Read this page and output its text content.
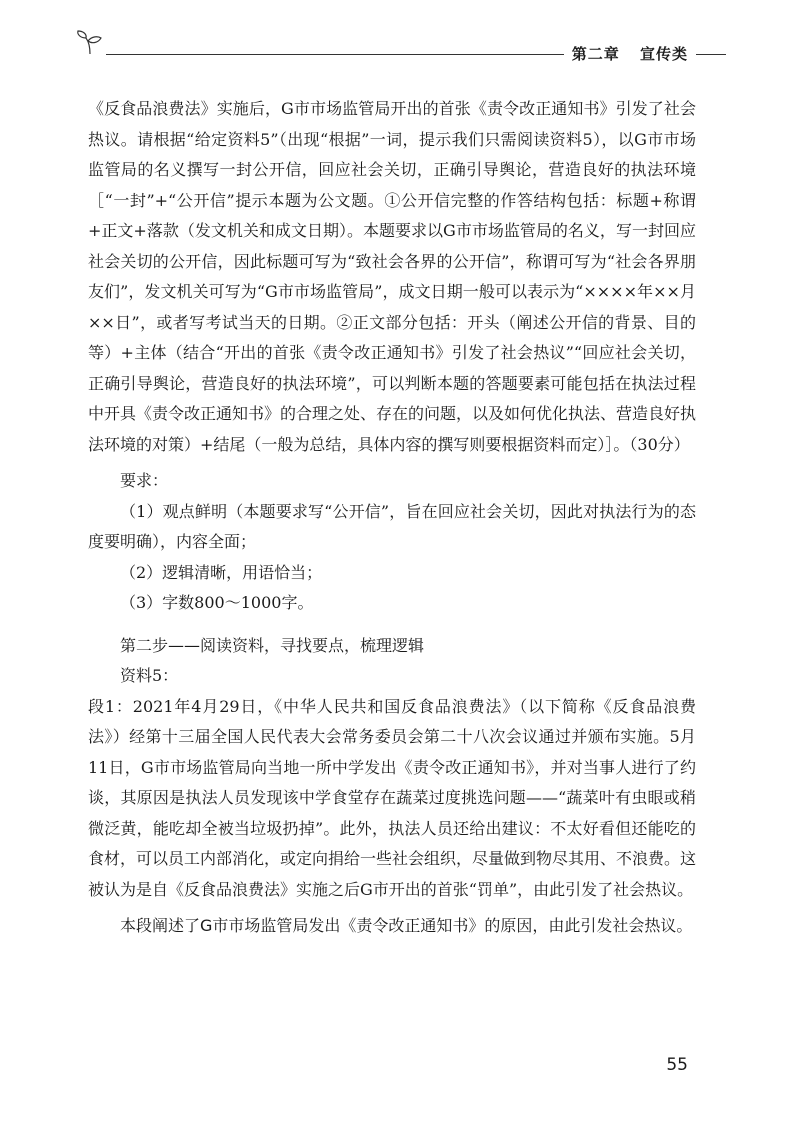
第二章 宣传类

《反食品浪费法》实施后，G市市场监管局开出的首张《责令改正通知书》引发了社会热议。请根据“给定资料5”（出现“根据”一词，提示我们只需阅读资料5），以G市市场监管局的名义撰写一封公开信，回应社会关切，正确引导舆论，营造良好的执法环境［“一封”+“公开信”提示本题为公文题。①公开信完整的作答结构包括：标题+称谓+正文+落款（发文机关和成文日期）。本题要求以G市市场监管局的名义，写一封回应社会关切的公开信，因此标题可写为“致社会各界的公开信”，称谓可写为“社会各界朋友们”，发文机关可写为“G市市场监管局”，成文日期一般可以表示为“××××年××月××日”，或者写考试当天的日期。②正文部分包括：开头（阐述公开信的背景、目的等）+主体（结合“开出的首张《责令改正通知书》引发了社会热议”“回应社会关切，正确引导舆论，营造良好的执法环境”，可以判断本题的答题要素可能包括在执法过程中开具《责令改正通知书》的合理之处、存在的问题，以及如何优化执法、营造良好执法环境的对策）+结尾（一般为总结，具体内容的撰写则要根据资料而定）］。（30分）

要求：

（1）观点鲜明（本题要求写“公开信”，旨在回应社会关切，因此对执法行为的态度要明确），内容全面；

（2）逻辑清晰，用语恰当；

（3）字数800～1000字。

第二步——阅读资料，寻找要点，梳理逻辑

资料5：

段1：2021年4月29日，《中华人民共和国反食品浪费法》（以下简称《反食品浪费法》）经第十三届全国人民代表大会常务委员会第二十八次会议通过并颁布实施。5月11日，G市市场监管局向当地一所中学发出《责令改正通知书》，并对当事人进行了约谈，其原因是执法人员发现该中学食堂存在蔬菜过度挑选问题——“蔬菜叶有虫眼或稍微泛黄，能吃却全被当垃圾扔掉”。此外，执法人员还给出建议：不太好看但还能吃的食材，可以员工内部消化，或定向捐给一些社会组织，尽量做到物尽其用、不浪费。这被认为是自《反食品浪费法》实施之后G市开出的首张“罚单”，由此引发了社会热议。

本段阐述了G市市场监管局发出《责令改正通知书》的原因，由此引发社会热议。

55
